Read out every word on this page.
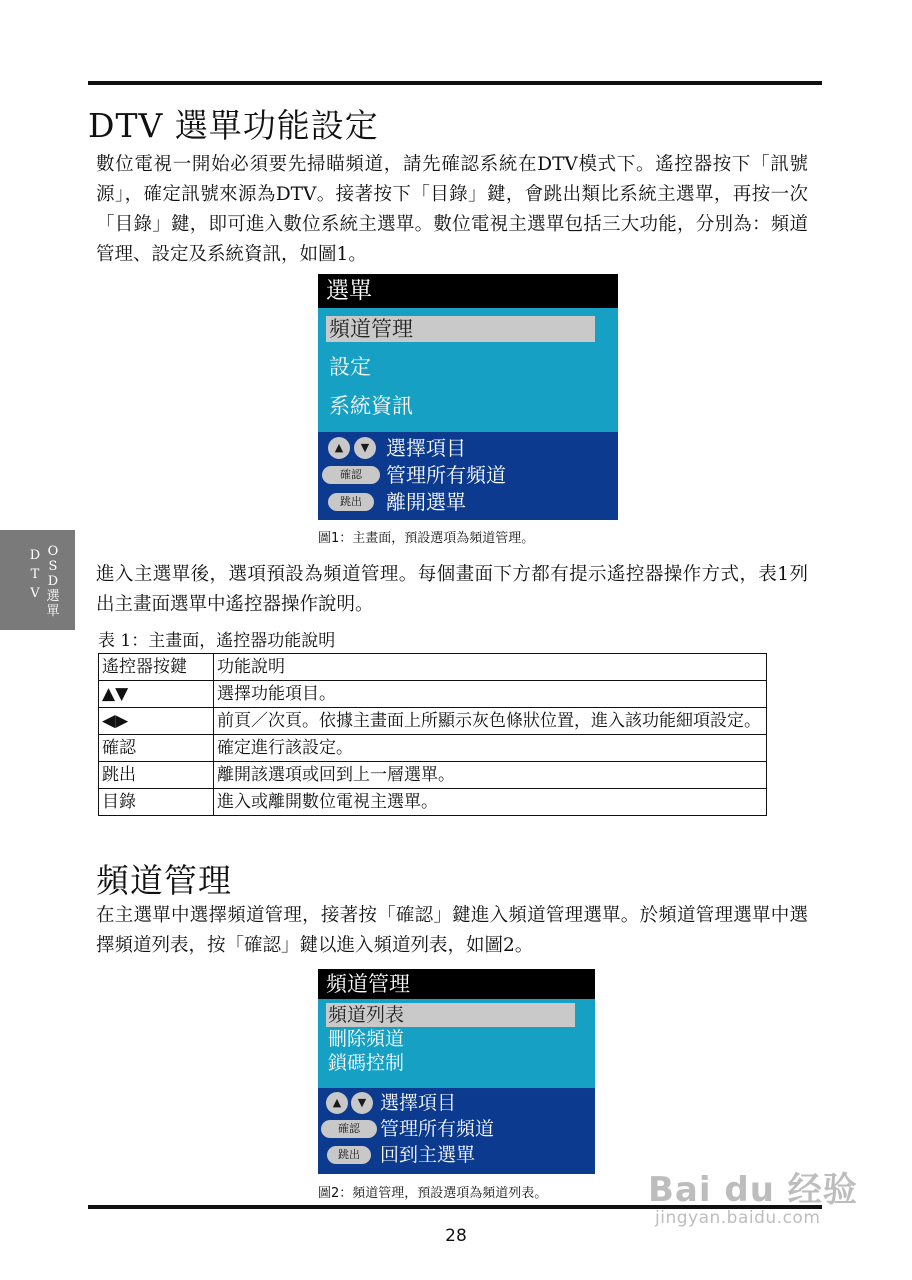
DTV 選單功能設定

數位電視一開始必須要先掃瞄頻道，請先確認系統在DTV模式下。遙控器按下「訊號源」，確定訊號來源為DTV。接著按下「目錄」鍵，會跳出類比系統主選單，再按一次「目錄」鍵，即可進入數位系統主選單。數位電視主選單包括三大功能，分別為：頻道管理、設定及系統資訊，如圖1。

D
T
V
O
S
D
選
單
選單
頻道管理
設定
系統資訊
▲	▼ 選擇項目
確認	管理所有頻道
跳出	離開選單
圖1：主畫面，預設選項為頻道管理。

進入主選單後，選項預設為頻道管理。每個畫面下方都有提示遙控器操作方式，表1列出主畫面選單中遙控器操作說明。

表 1：主畫面，遙控器功能說明
遙控器按鍵	功能說明
▲▼	選擇功能項目。
◀▶	前頁／次頁。依據主畫面上所顯示灰色條狀位置，進入該功能細項設定。
確認	確定進行該設定。
跳出	離開該選項或回到上一層選單。
目錄	進入或離開數位電視主選單。
頻道管理

在主選單中選擇頻道管理，接著按「確認」鍵進入頻道管理選單。於頻道管理選單中選擇頻道列表，按「確認」鍵以進入頻道列表，如圖2。

頻道管理
頻道列表
刪除頻道
鎖碼控制
▲	▼ 選擇項目
確認	管理所有頻道
跳出	回到主選單
圖2：頻道管理，預設選項為頻道列表。
28
Bai du 经验
jingyan.baidu.com
